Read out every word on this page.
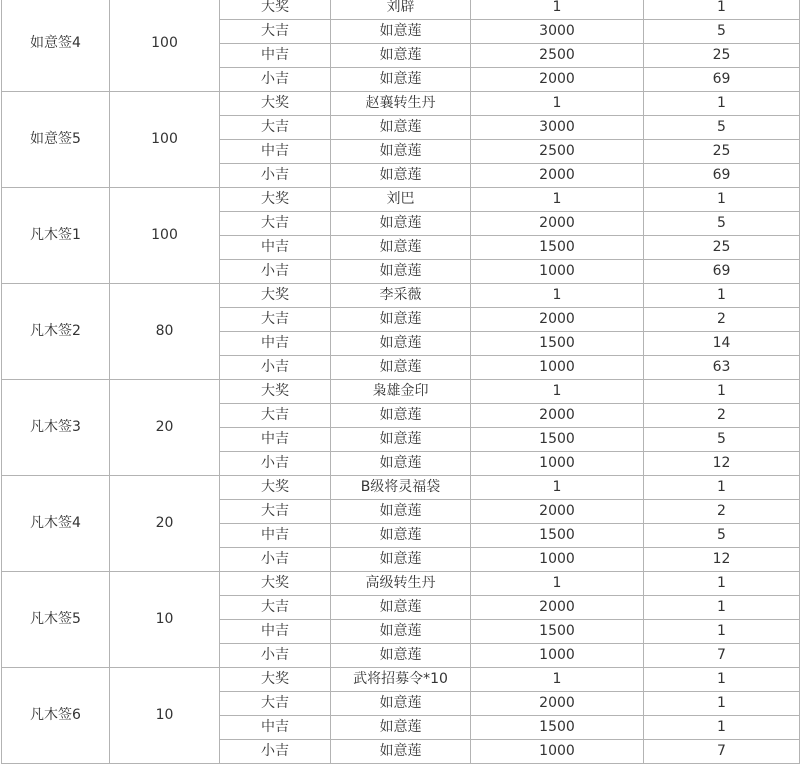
如意签4	100	大奖	刘辟	1	1
		大吉	如意莲	3000	5
		中吉	如意莲	2500	25
		小吉	如意莲	2000	69
如意签5	100	大奖	赵襄转生丹	1	1
		大吉	如意莲	3000	5
		中吉	如意莲	2500	25
		小吉	如意莲	2000	69
凡木签1	100	大奖	刘巴	1	1
		大吉	如意莲	2000	5
		中吉	如意莲	1500	25
		小吉	如意莲	1000	69
凡木签2	80	大奖	李采薇	1	1
		大吉	如意莲	2000	2
		中吉	如意莲	1500	14
		小吉	如意莲	1000	63
凡木签3	20	大奖	枭雄金印	1	1
		大吉	如意莲	2000	2
		中吉	如意莲	1500	5
		小吉	如意莲	1000	12
凡木签4	20	大奖	B级将灵福袋	1	1
		大吉	如意莲	2000	2
		中吉	如意莲	1500	5
		小吉	如意莲	1000	12
凡木签5	10	大奖	高级转生丹	1	1
		大吉	如意莲	2000	1
		中吉	如意莲	1500	1
		小吉	如意莲	1000	7
凡木签6	10	大奖	武将招募令*10	1	1
		大吉	如意莲	2000	1
		中吉	如意莲	1500	1
		小吉	如意莲	1000	7
